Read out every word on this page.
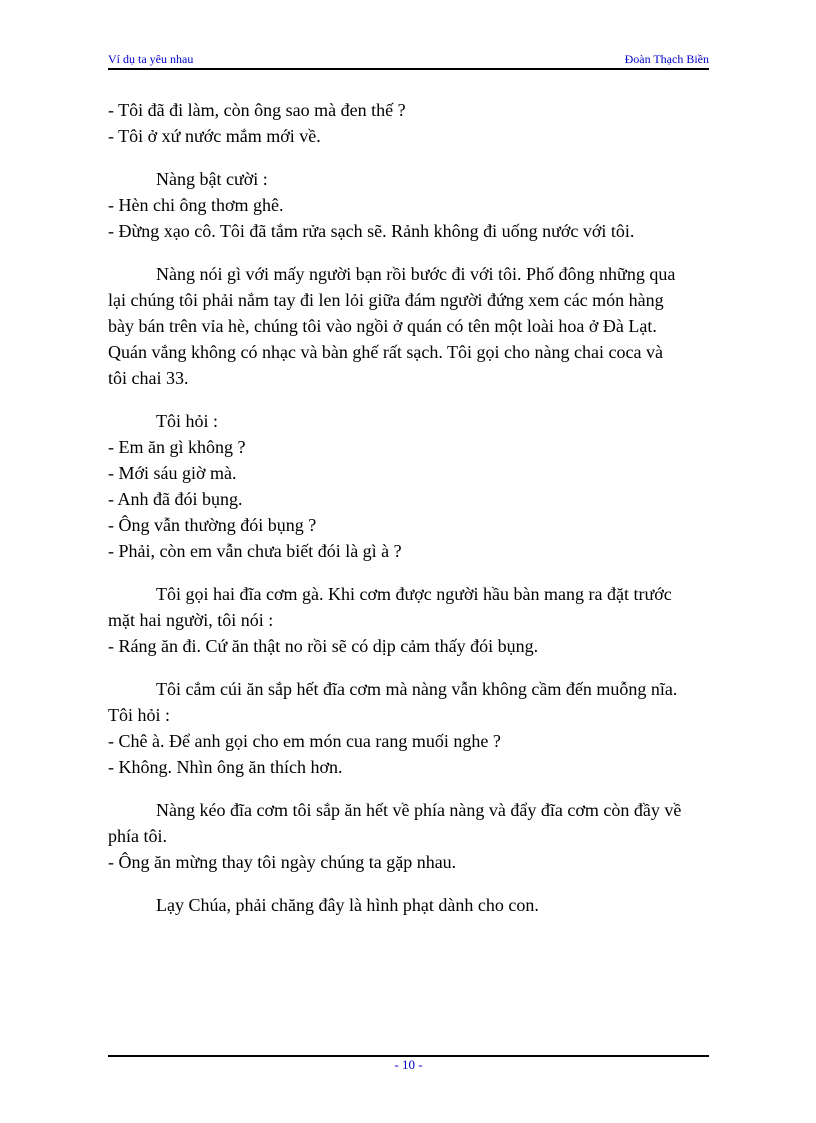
Ví dụ ta yêu nhau	Đoàn Thạch Biền
- Tôi đã đi làm, còn ông sao mà đen thế ?
- Tôi ở xứ nước mắm mới về.
Nàng bật cười :
- Hèn chi ông thơm ghê.
- Đừng xạo cô. Tôi đã tắm rửa sạch sẽ. Rảnh không đi uống nước với tôi.
Nàng nói gì với mấy người bạn rồi bước đi với tôi. Phố đông những qua
lại chúng tôi phải nắm tay đi len lỏi giữa đám người đứng xem các món hàng
bày bán trên vỉa hè, chúng tôi vào ngồi ở quán có tên một loài hoa ở Đà Lạt.
Quán vắng không có nhạc và bàn ghế rất sạch. Tôi gọi cho nàng chai coca và
tôi chai 33.
Tôi hỏi :
- Em ăn gì không ?
- Mới sáu giờ mà.
- Anh đã đói bụng.
- Ông vẫn thường đói bụng ?
- Phải, còn em vẫn chưa biết đói là gì à ?
Tôi gọi hai đĩa cơm gà. Khi cơm được người hầu bàn mang ra đặt trước
mặt hai người, tôi nói :
- Ráng ăn đi. Cứ ăn thật no rồi sẽ có dịp cảm thấy đói bụng.
Tôi cắm cúi ăn sắp hết đĩa cơm mà nàng vẫn không cầm đến muỗng nĩa.
Tôi hỏi :
- Chê à. Để anh gọi cho em món cua rang muối nghe ?
- Không. Nhìn ông ăn thích hơn.
Nàng kéo đĩa cơm tôi sắp ăn hết về phía nàng và đẩy đĩa cơm còn đầy về
phía tôi.
- Ông ăn mừng thay tôi ngày chúng ta gặp nhau.
Lạy Chúa, phải chăng đây là hình phạt dành cho con.
- 10 -
